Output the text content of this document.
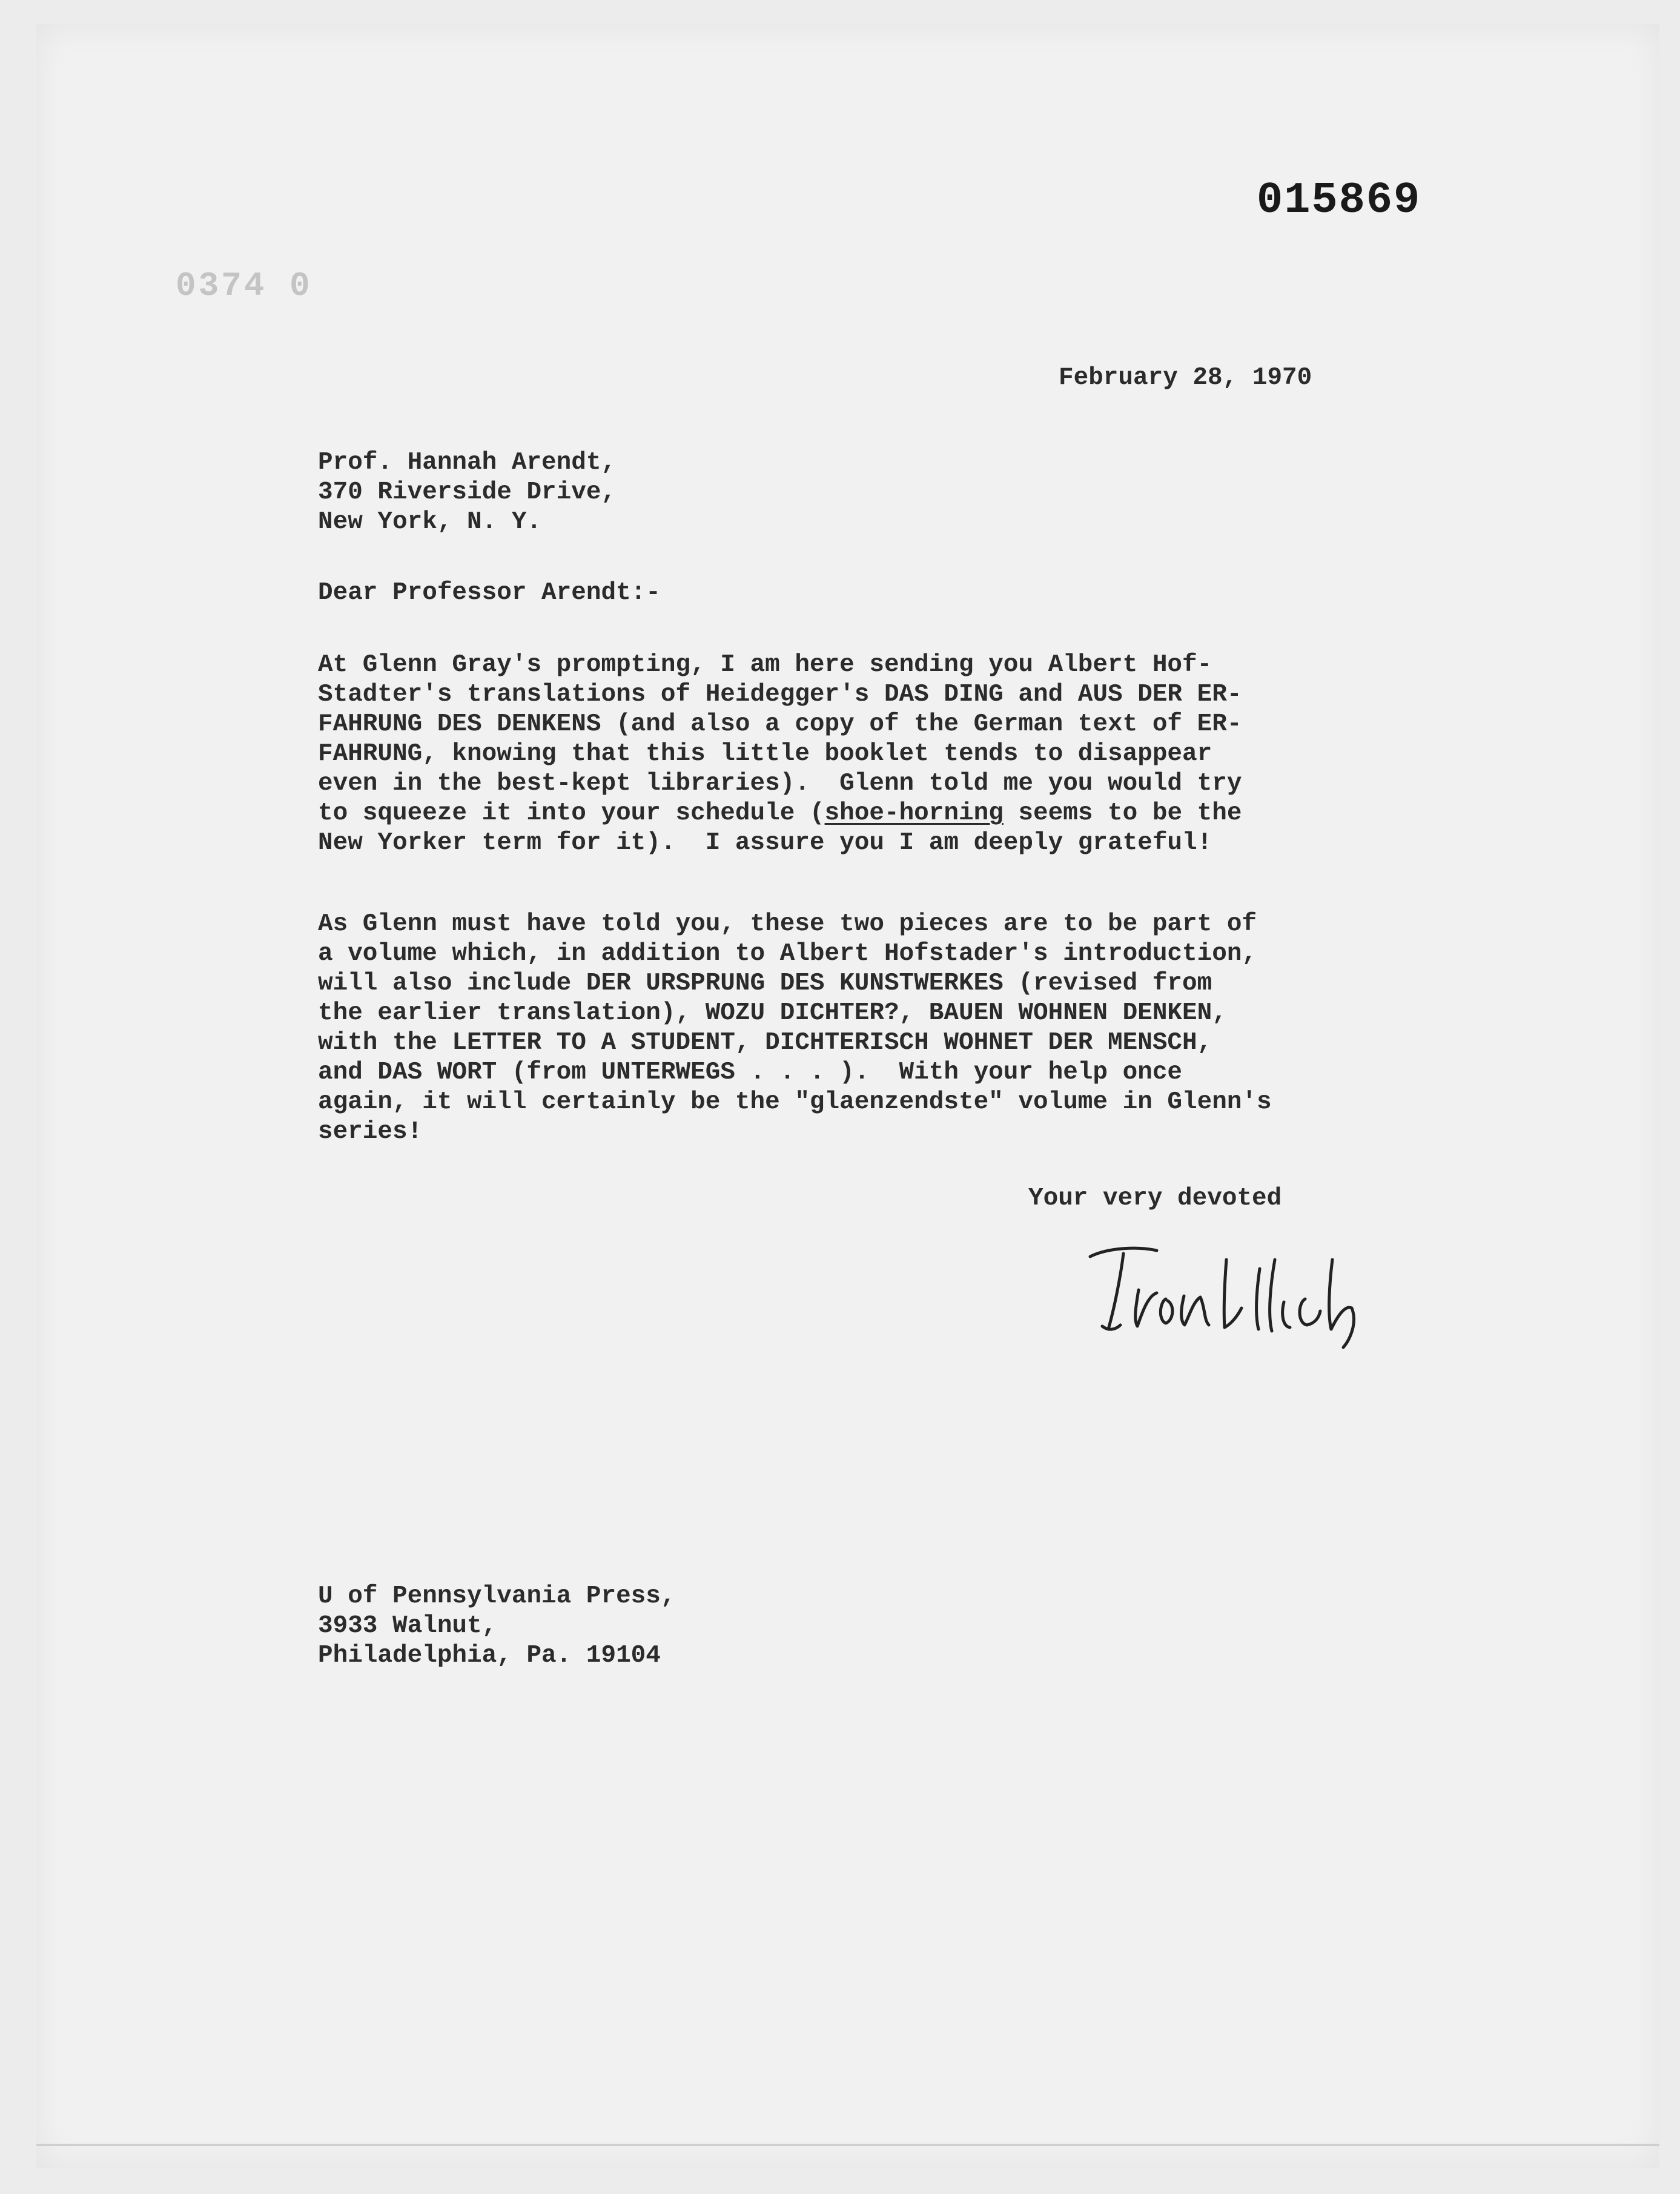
015869
0374 0
February 28, 1970
Prof. Hannah Arendt,
370 Riverside Drive,
New York, N. Y.
Dear Professor Arendt:-
At Glenn Gray's prompting, I am here sending you Albert Hof-
Stadter's translations of Heidegger's DAS DING and AUS DER ER-
FAHRUNG DES DENKENS (and also a copy of the German text of ER-
FAHRUNG, knowing that this little booklet tends to disappear
even in the best-kept libraries).  Glenn told me you would try
to squeeze it into your schedule (shoe-horning seems to be the
New Yorker term for it).  I assure you I am deeply grateful!
As Glenn must have told you, these two pieces are to be part of
a volume which, in addition to Albert Hofstader's introduction,
will also include DER URSPRUNG DES KUNSTWERKES (revised from
the earlier translation), WOZU DICHTER?, BAUEN WOHNEN DENKEN,
with the LETTER TO A STUDENT, DICHTERISCH WOHNET DER MENSCH,
and DAS WORT (from UNTERWEGS . . . ).  With your help once
again, it will certainly be the "glaenzendste" volume in Glenn's
series!
Your very devoted
U of Pennsylvania Press,
3933 Walnut,
Philadelphia, Pa. 19104
